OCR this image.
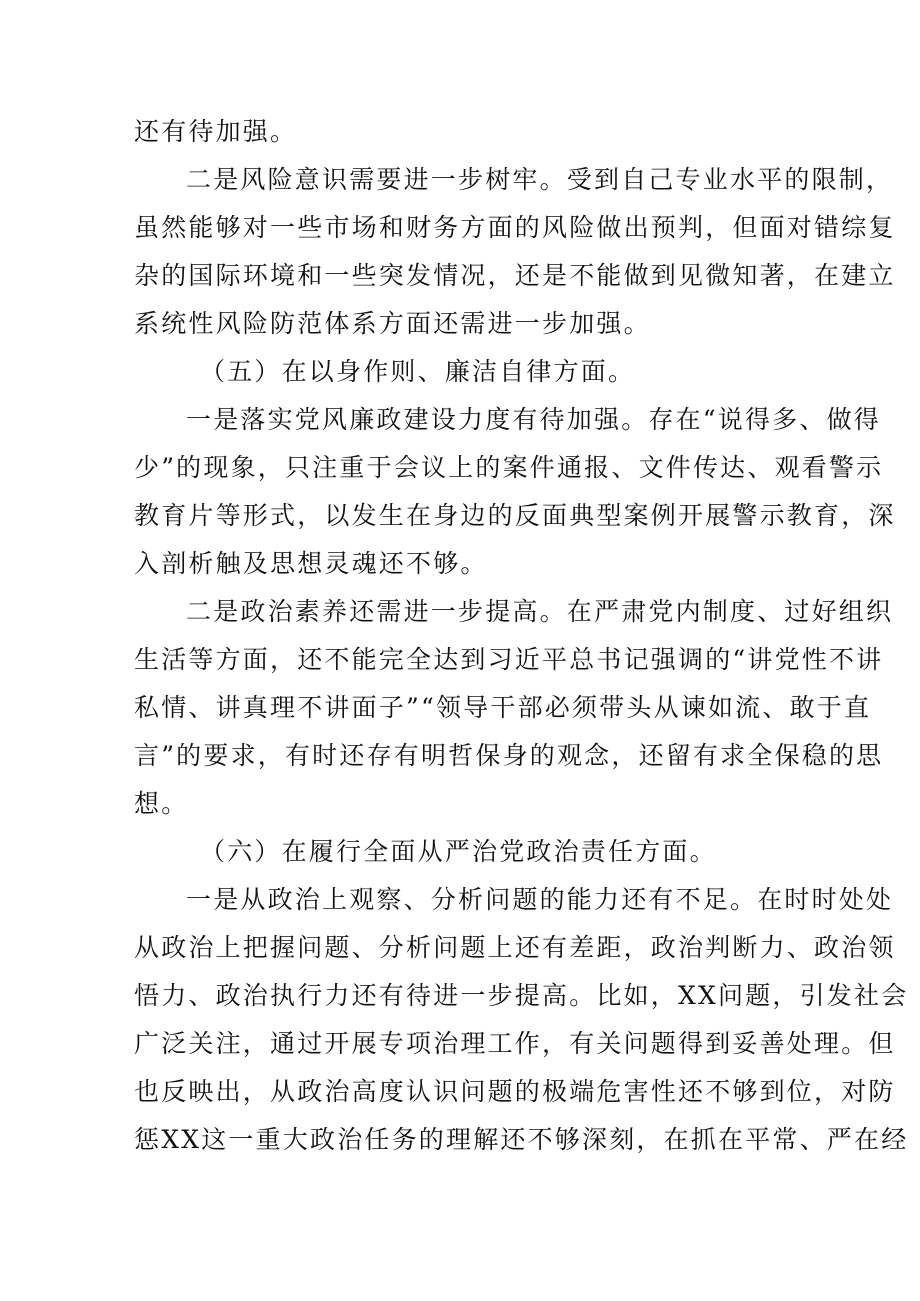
还有待加强。
二是风险意识需要进一步树牢。受到自己专业水平的限制，
虽然能够对一些市场和财务方面的风险做出预判，但面对错综复
杂的国际环境和一些突发情况，还是不能做到见微知著，在建立
系统性风险防范体系方面还需进一步加强。
（五）在以身作则、廉洁自律方面。
一是落实党风廉政建设力度有待加强。存在“说得多、做得
少”的现象，只注重于会议上的案件通报、文件传达、观看警示
教育片等形式，以发生在身边的反面典型案例开展警示教育，深
入剖析触及思想灵魂还不够。
二是政治素养还需进一步提高。在严肃党内制度、过好组织
生活等方面，还不能完全达到习近平总书记强调的“讲党性不讲
私情、讲真理不讲面子”“领导干部必须带头从谏如流、敢于直
言”的要求，有时还存有明哲保身的观念，还留有求全保稳的思
想。
（六）在履行全面从严治党政治责任方面。
一是从政治上观察、分析问题的能力还有不足。在时时处处
从政治上把握问题、分析问题上还有差距，政治判断力、政治领
悟力、政治执行力还有待进一步提高。比如，XX问题，引发社会
广泛关注，通过开展专项治理工作，有关问题得到妥善处理。但
也反映出，从政治高度认识问题的极端危害性还不够到位，对防
惩XX这一重大政治任务的理解还不够深刻，在抓在平常、严在经
